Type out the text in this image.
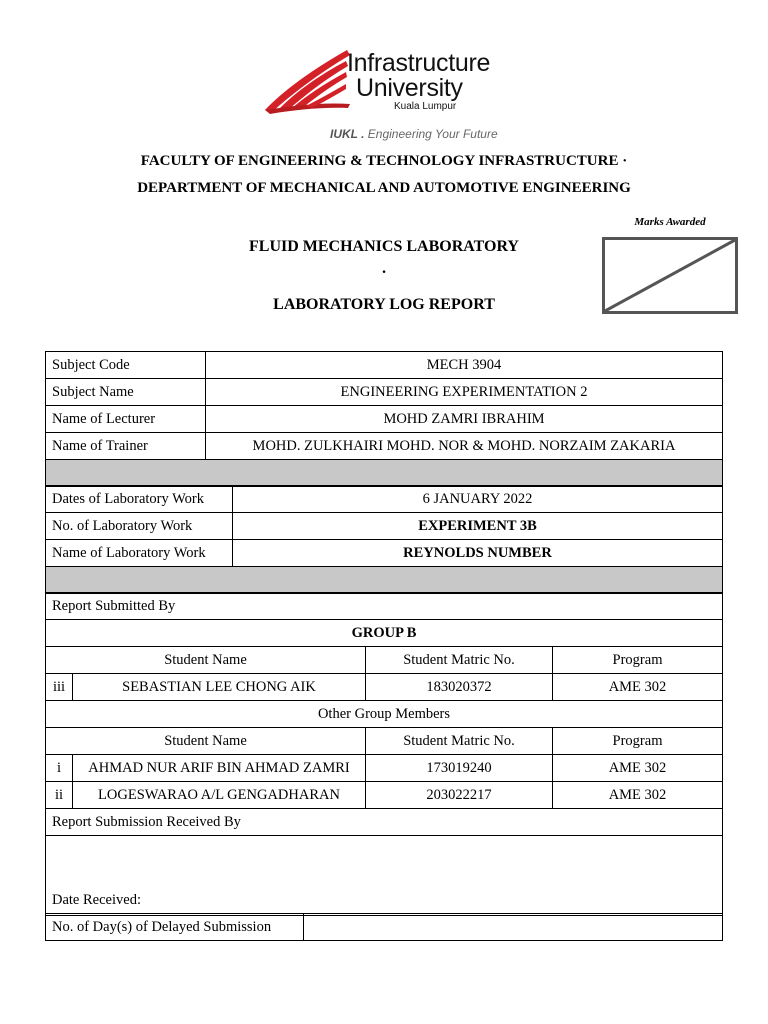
Infrastructure
University
Kuala Lumpur
IUKL . Engineering Your Future
FACULTY OF ENGINEERING & TECHNOLOGY INFRASTRUCTURE ·
DEPARTMENT OF MECHANICAL AND AUTOMOTIVE ENGINEERING
Marks Awarded
FLUID MECHANICS LABORATORY
·
LABORATORY LOG REPORT
Subject Code	MECH 3904
Subject Name	ENGINEERING EXPERIMENTATION 2
Name of Lecturer	MOHD ZAMRI IBRAHIM
Name of Trainer	MOHD. ZULKHAIRI MOHD. NOR & MOHD. NORZAIM ZAKARIA

Dates of Laboratory Work	6 JANUARY 2022
No. of Laboratory Work	EXPERIMENT 3B
Name of Laboratory Work	REYNOLDS NUMBER

Report Submitted By			
GROUP B			
Student Name		Student Matric No.	Program
iii	SEBASTIAN LEE CHONG AIK	183020372	AME 302
Other Group Members			
Student Name		Student Matric No.	Program
i	AHMAD NUR ARIF BIN AHMAD ZAMRI	173019240	AME 302
ii	LOGESWARAO A/L GENGADHARAN	203022217	AME 302
Report Submission Received By			
Date Received:			
No. of Day(s) of Delayed Submission	
